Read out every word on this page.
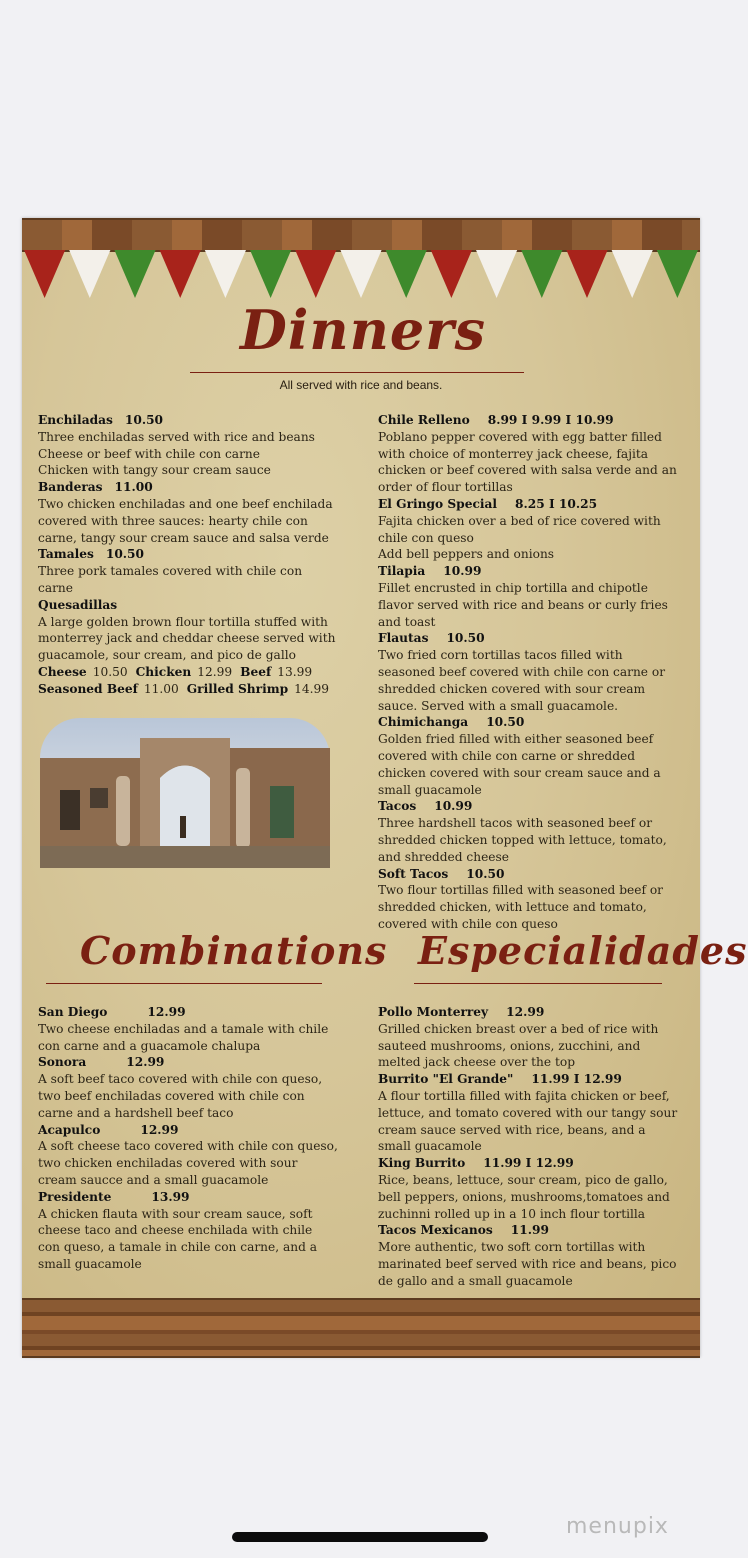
Dinners
All served with rice and beans.
Enchiladas 10.50
Three enchiladas served with rice and beans
Cheese or beef with chile con carne
Chicken with tangy sour cream sauce
Banderas 11.00
Two chicken enchiladas and one beef enchilada covered with three sauces: hearty chile con carne, tangy sour cream sauce and salsa verde
Tamales 10.50
Three pork tamales covered with chile con carne
Quesadillas
A large golden brown flour tortilla stuffed with monterrey jack and cheddar cheese served with guacamole, sour cream, and pico de gallo
Cheese 10.50 Chicken 12.99 Beef 13.99
Seasoned Beef 11.00 Grilled Shrimp 14.99
Chile Relleno 8.99 I 9.99 I 10.99
Poblano pepper covered with egg batter filled with choice of monterrey jack cheese, fajita chicken or beef covered with salsa verde and an order of flour tortillas
El Gringo Special 8.25 I 10.25
Fajita chicken over a bed of rice covered with chile con queso
Add bell peppers and onions
Tilapia 10.99
Fillet encrusted in chip tortilla and chipotle flavor served with rice and beans or curly fries and toast
Flautas 10.50
Two fried corn tortillas tacos filled with seasoned beef covered with chile con carne or shredded chicken covered with sour cream sauce. Served with a small guacamole.
Chimichanga 10.50
Golden fried filled with either seasoned beef covered with chile con carne or shredded chicken covered with sour cream sauce and a small guacamole
Tacos 10.99
Three hardshell tacos with seasoned beef or shredded chicken topped with lettuce, tomato, and shredded cheese
Soft Tacos 10.50
Two flour tortillas filled with seasoned beef or shredded chicken, with lettuce and tomato, covered with chile con queso
Combinations Especialidades
San Diego	12.99
Two cheese enchiladas and a tamale with chile con carne and a guacamole chalupa
Sonora	12.99
A soft beef taco covered with chile con queso, two beef enchiladas covered with chile con carne and a hardshell beef taco
Acapulco	12.99
A soft cheese taco covered with chile con queso, two chicken enchiladas covered with sour cream saucce and a small guacamole
Presidente	13.99
A chicken flauta with sour cream sauce, soft cheese taco and cheese enchilada with chile con queso, a tamale in chile con carne, and a small guacamole
Pollo Monterrey 12.99
Grilled chicken breast over a bed of rice with sauteed mushrooms, onions, zucchini, and melted jack cheese over the top
Burrito "El Grande" 11.99 I 12.99
A flour tortilla filled with fajita chicken or beef, lettuce, and tomato covered with our tangy sour cream sauce served with rice, beans, and a small guacamole
King Burrito 11.99 I 12.99
Rice, beans, lettuce, sour cream, pico de gallo, bell peppers, onions, mushrooms,tomatoes and zuchinni rolled up in a 10 inch flour tortilla
Tacos Mexicanos 11.99
More authentic, two soft corn tortillas with marinated beef served with rice and beans, pico de gallo and a small guacamole
menupix
